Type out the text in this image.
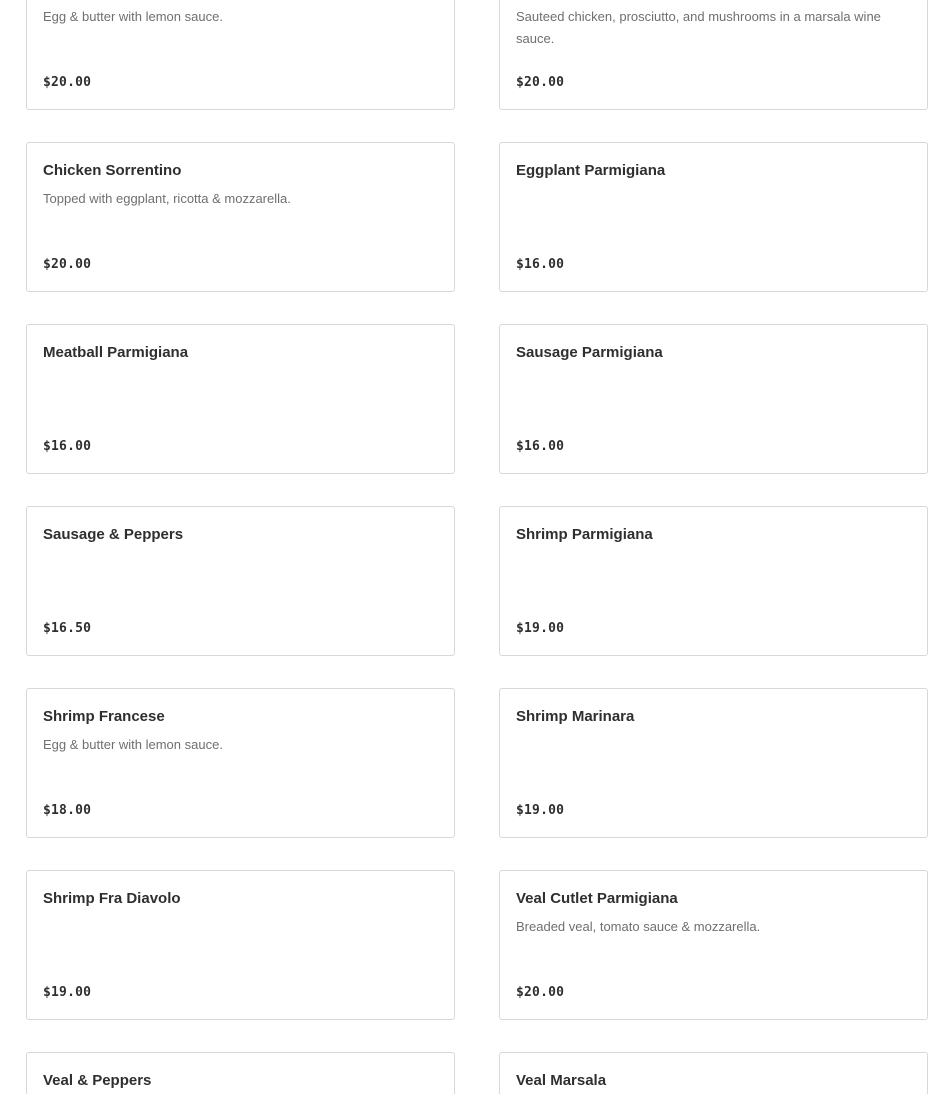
Egg & butter with lemon sauce.
$20.00
Sauteed chicken, prosciutto, and mushrooms in a marsala wine sauce.
$20.00
Chicken Sorrentino
Topped with eggplant, ricotta & mozzarella.
$20.00
Eggplant Parmigiana
$16.00
Meatball Parmigiana
$16.00
Sausage Parmigiana
$16.00
Sausage & Peppers
$16.50
Shrimp Parmigiana
$19.00
Shrimp Francese
Egg & butter with lemon sauce.
$18.00
Shrimp Marinara
$19.00
Shrimp Fra Diavolo
$19.00
Veal Cutlet Parmigiana
Breaded veal, tomato sauce & mozzarella.
$20.00
Veal & Peppers	Veal Marsala
